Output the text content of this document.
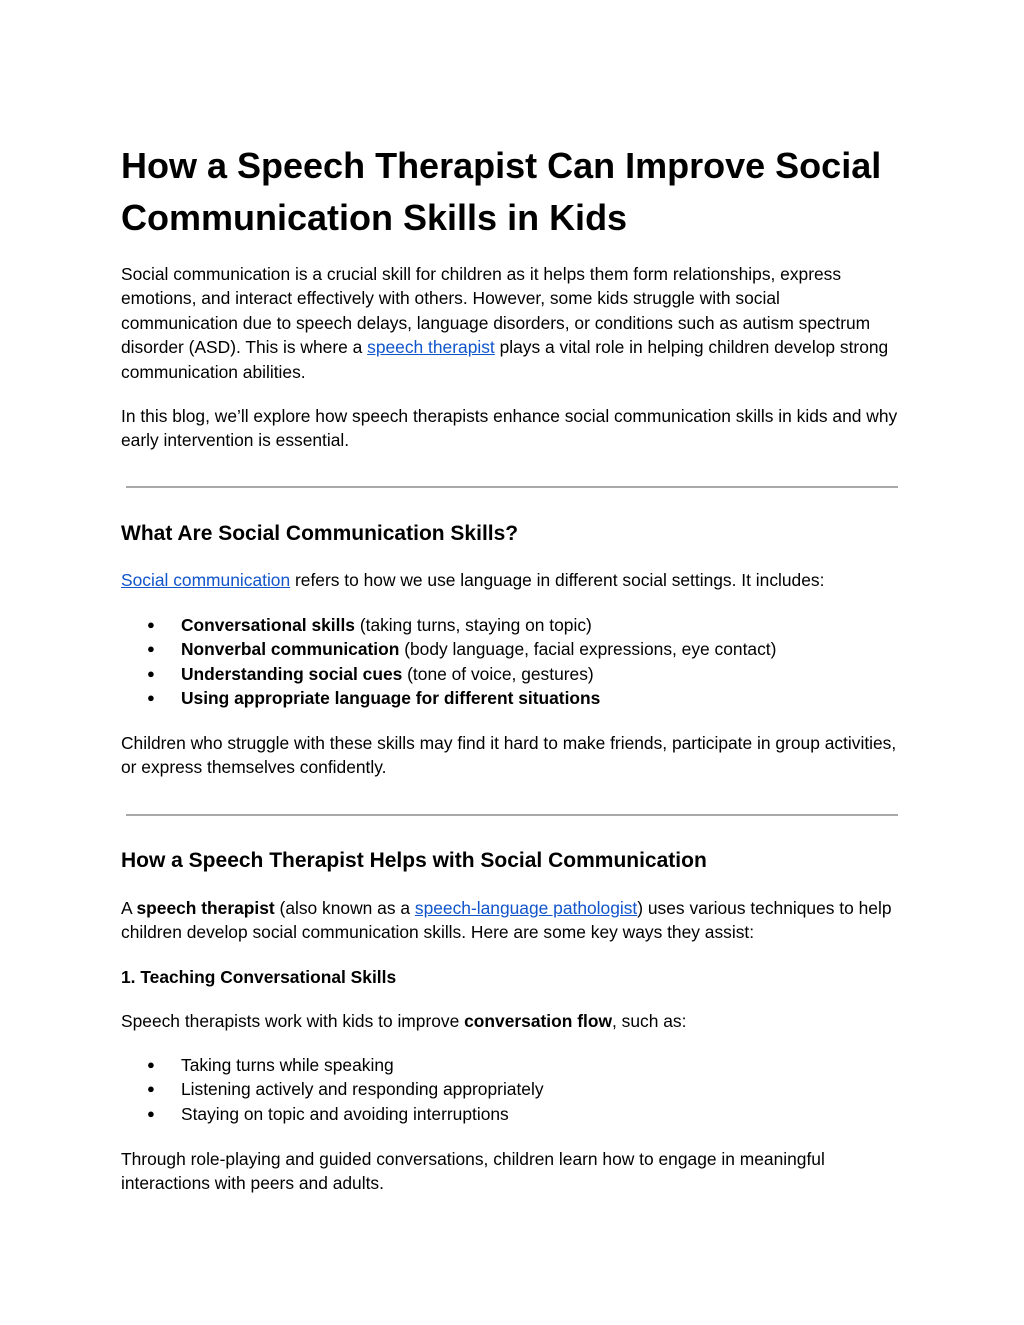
How a Speech Therapist Can Improve Social Communication Skills in Kids

Social communication is a crucial skill for children as it helps them form relationships, express emotions, and interact effectively with others. However, some kids struggle with social communication due to speech delays, language disorders, or conditions such as autism spectrum disorder (ASD). This is where a speech therapist plays a vital role in helping children develop strong communication abilities.

In this blog, we’ll explore how speech therapists enhance social communication skills in kids and why early intervention is essential.

What Are Social Communication Skills?

Social communication refers to how we use language in different social settings. It includes:

● Conversational skills (taking turns, staying on topic)
● Nonverbal communication (body language, facial expressions, eye contact)
● Understanding social cues (tone of voice, gestures)
● Using appropriate language for different situations

Children who struggle with these skills may find it hard to make friends, participate in group activities, or express themselves confidently.

How a Speech Therapist Helps with Social Communication

A speech therapist (also known as a speech-language pathologist) uses various techniques to help children develop social communication skills. Here are some key ways they assist:

1. Teaching Conversational Skills

Speech therapists work with kids to improve conversation flow, such as:

● Taking turns while speaking
● Listening actively and responding appropriately
● Staying on topic and avoiding interruptions

Through role-playing and guided conversations, children learn how to engage in meaningful interactions with peers and adults.
